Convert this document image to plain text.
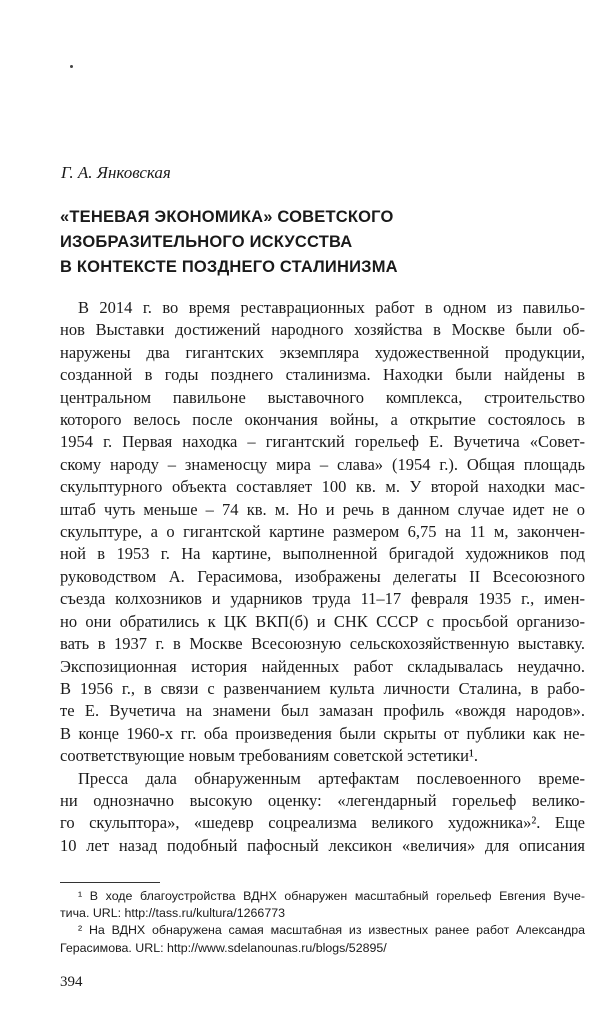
Г. А. Янковская

«ТЕНЕВАЯ ЭКОНОМИКА» СОВЕТСКОГО
ИЗОБРАЗИТЕЛЬНОГО ИСКУССТВА
В КОНТЕКСТЕ ПОЗДНЕГО СТАЛИНИЗМА

В 2014 г. во время реставрационных работ в одном из павильо-
нов Выставки достижений народного хозяйства в Москве были об-
наружены два гигантских экземпляра художественной продукции,
созданной в годы позднего сталинизма. Находки были найдены в
центральном павильоне выставочного комплекса, строительство
которого велось после окончания войны, а открытие состоялось в
1954 г. Первая находка – гигантский горельеф Е. Вучетича «Совет-
скому народу – знаменосцу мира – слава» (1954 г.). Общая площадь
скульптурного объекта составляет 100 кв. м. У второй находки мас-
штаб чуть меньше – 74 кв. м. Но и речь в данном случае идет не о
скульптуре, а о гигантской картине размером 6,75 на 11 м, закончен-
ной в 1953 г. На картине, выполненной бригадой художников под
руководством А. Герасимова, изображены делегаты II Всесоюзного
съезда колхозников и ударников труда 11–17 февраля 1935 г., имен-
но они обратились к ЦК ВКП(б) и СНК СССР с просьбой организо-
вать в 1937 г. в Москве Всесоюзную сельскохозяйственную выставку.
Экспозиционная история найденных работ складывалась неудачно.
В 1956 г., в связи с развенчанием культа личности Сталина, в рабо-
те Е. Вучетича на знамени был замазан профиль «вождя народов».
В конце 1960-х гг. оба произведения были скрыты от публики как не-
соответствующие новым требованиям советской эстетики¹.

Пресса дала обнаруженным артефактам послевоенного време-
ни однозначно высокую оценку: «легендарный горельеф велико-
го скульптора», «шедевр соцреализма великого художника»². Еще
10 лет назад подобный пафосный лексикон «величия» для описания

¹ В ходе благоустройства ВДНХ обнаружен масштабный горельеф Евгения Вуче-
тича. URL: http://tass.ru/kultura/1266773

² На ВДНХ обнаружена самая масштабная из известных ранее работ Александра
Герасимова. URL: http://www.sdelanounas.ru/blogs/52895/

394
